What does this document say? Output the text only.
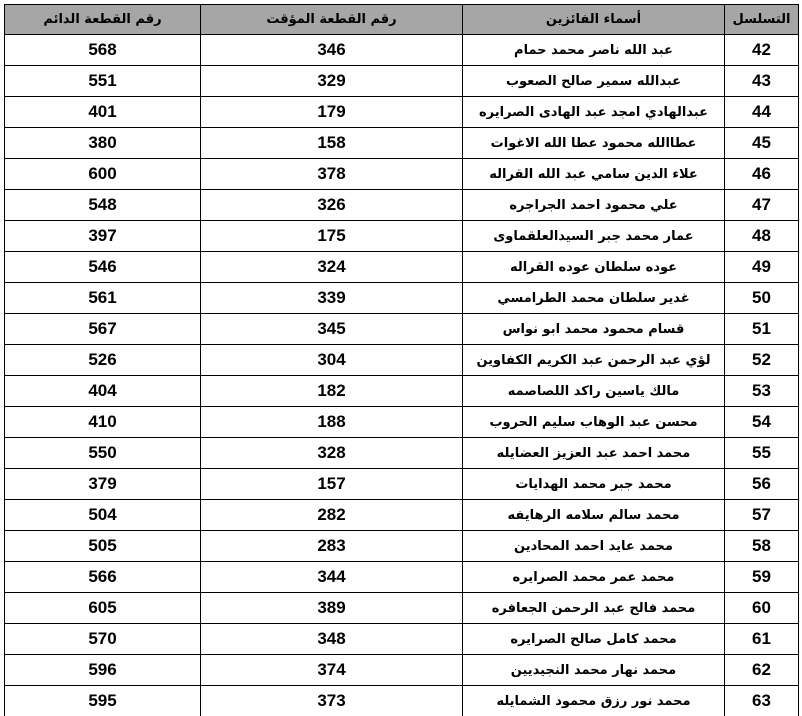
التسلسل	أسماء الفائزين	رقم القطعة المؤقت	رقم القطعة الدائم
42	عبد الله ناصر محمد حمام	346	568
43	عبدالله سمير صالح الصعوب	329	551
44	عبدالهادي امجد عبد الهادى الصرايره	179	401
45	عطاالله محمود عطا الله الاغوات	158	380
46	علاء الدين سامي عبد الله القراله	378	600
47	علي محمود احمد الجراجره	326	548
48	عمار محمد جبر السيدالعلقماوى	175	397
49	عوده سلطان عوده القراله	324	546
50	غدير سلطان محمد الطرامسي	339	561
51	قسام محمود محمد ابو نواس	345	567
52	لؤي عبد الرحمن عبد الكريم الكفاوين	304	526
53	مالك ياسين راكد اللصاصمه	182	404
54	محسن عبد الوهاب سليم الحروب	188	410
55	محمد احمد عبد العزيز العضايله	328	550
56	محمد جبر محمد الهدايات	157	379
57	محمد سالم سلامه الرهايفه	282	504
58	محمد عايد احمد المحادين	283	505
59	محمد عمر محمد الصرايره	344	566
60	محمد فالح عبد الرحمن الجعافره	389	605
61	محمد كامل صالح الصرايره	348	570
62	محمد نهار محمد النجيديين	374	596
63	محمد نور رزق محمود الشمايله	373	595
